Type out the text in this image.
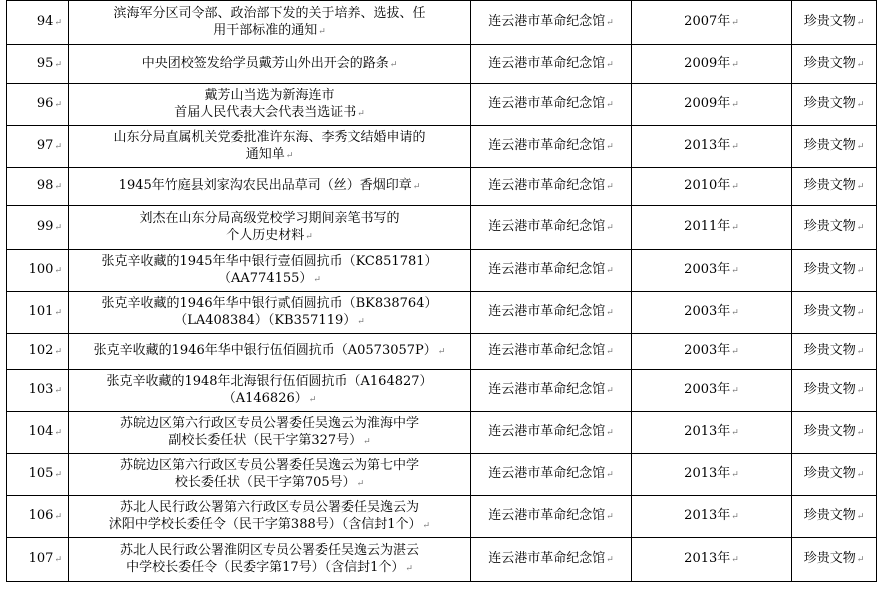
94↵	滨海军分区司令部、政治部下发的关于培养、选拔、任
用干部标准的通知↵	连云港市革命纪念馆↵	2007年↵	珍贵文物↵
95↵	中央团校签发给学员戴芳山外出开会的路条↵	连云港市革命纪念馆↵	2009年↵	珍贵文物↵
96↵	戴芳山当选为新海连市
首届人民代表大会代表当选证书↵	连云港市革命纪念馆↵	2009年↵	珍贵文物↵
97↵	山东分局直属机关党委批准许东海、李秀文结婚申请的
通知单↵	连云港市革命纪念馆↵	2013年↵	珍贵文物↵
98↵	1945年竹庭县刘家沟农民出品草司（丝）香烟印章↵	连云港市革命纪念馆↵	2010年↵	珍贵文物↵
99↵	刘杰在山东分局高级党校学习期间亲笔书写的
个人历史材料↵	连云港市革命纪念馆↵	2011年↵	珍贵文物↵
100↵	张克辛收藏的1945年华中银行壹佰圆抗币（KC851781）
（AA774155）↵	连云港市革命纪念馆↵	2003年↵	珍贵文物↵
101↵	张克辛收藏的1946年华中银行贰佰圆抗币（BK838764）
（LA408384）（KB357119）↵	连云港市革命纪念馆↵	2003年↵	珍贵文物↵
102↵	张克辛收藏的1946年华中银行伍佰圆抗币（A0573057P）↵	连云港市革命纪念馆↵	2003年↵	珍贵文物↵
103↵	张克辛收藏的1948年北海银行伍佰圆抗币（A164827）
（A146826）↵	连云港市革命纪念馆↵	2003年↵	珍贵文物↵
104↵	苏皖边区第六行政区专员公署委任吴逸云为淮海中学
副校长委任状（民干字第327号）↵	连云港市革命纪念馆↵	2013年↵	珍贵文物↵
105↵	苏皖边区第六行政区专员公署委任吴逸云为第七中学
校长委任状（民干字第705号）↵	连云港市革命纪念馆↵	2013年↵	珍贵文物↵
106↵	苏北人民行政公署第六行政区专员公署委任吴逸云为
沭阳中学校长委任令（民干字第388号）（含信封1个）↵	连云港市革命纪念馆↵	2013年↵	珍贵文物↵
107↵	苏北人民行政公署淮阴区专员公署委任吴逸云为湛云
中学校长委任令（民委字第17号）（含信封1个）↵	连云港市革命纪念馆↵	2013年↵	珍贵文物↵
